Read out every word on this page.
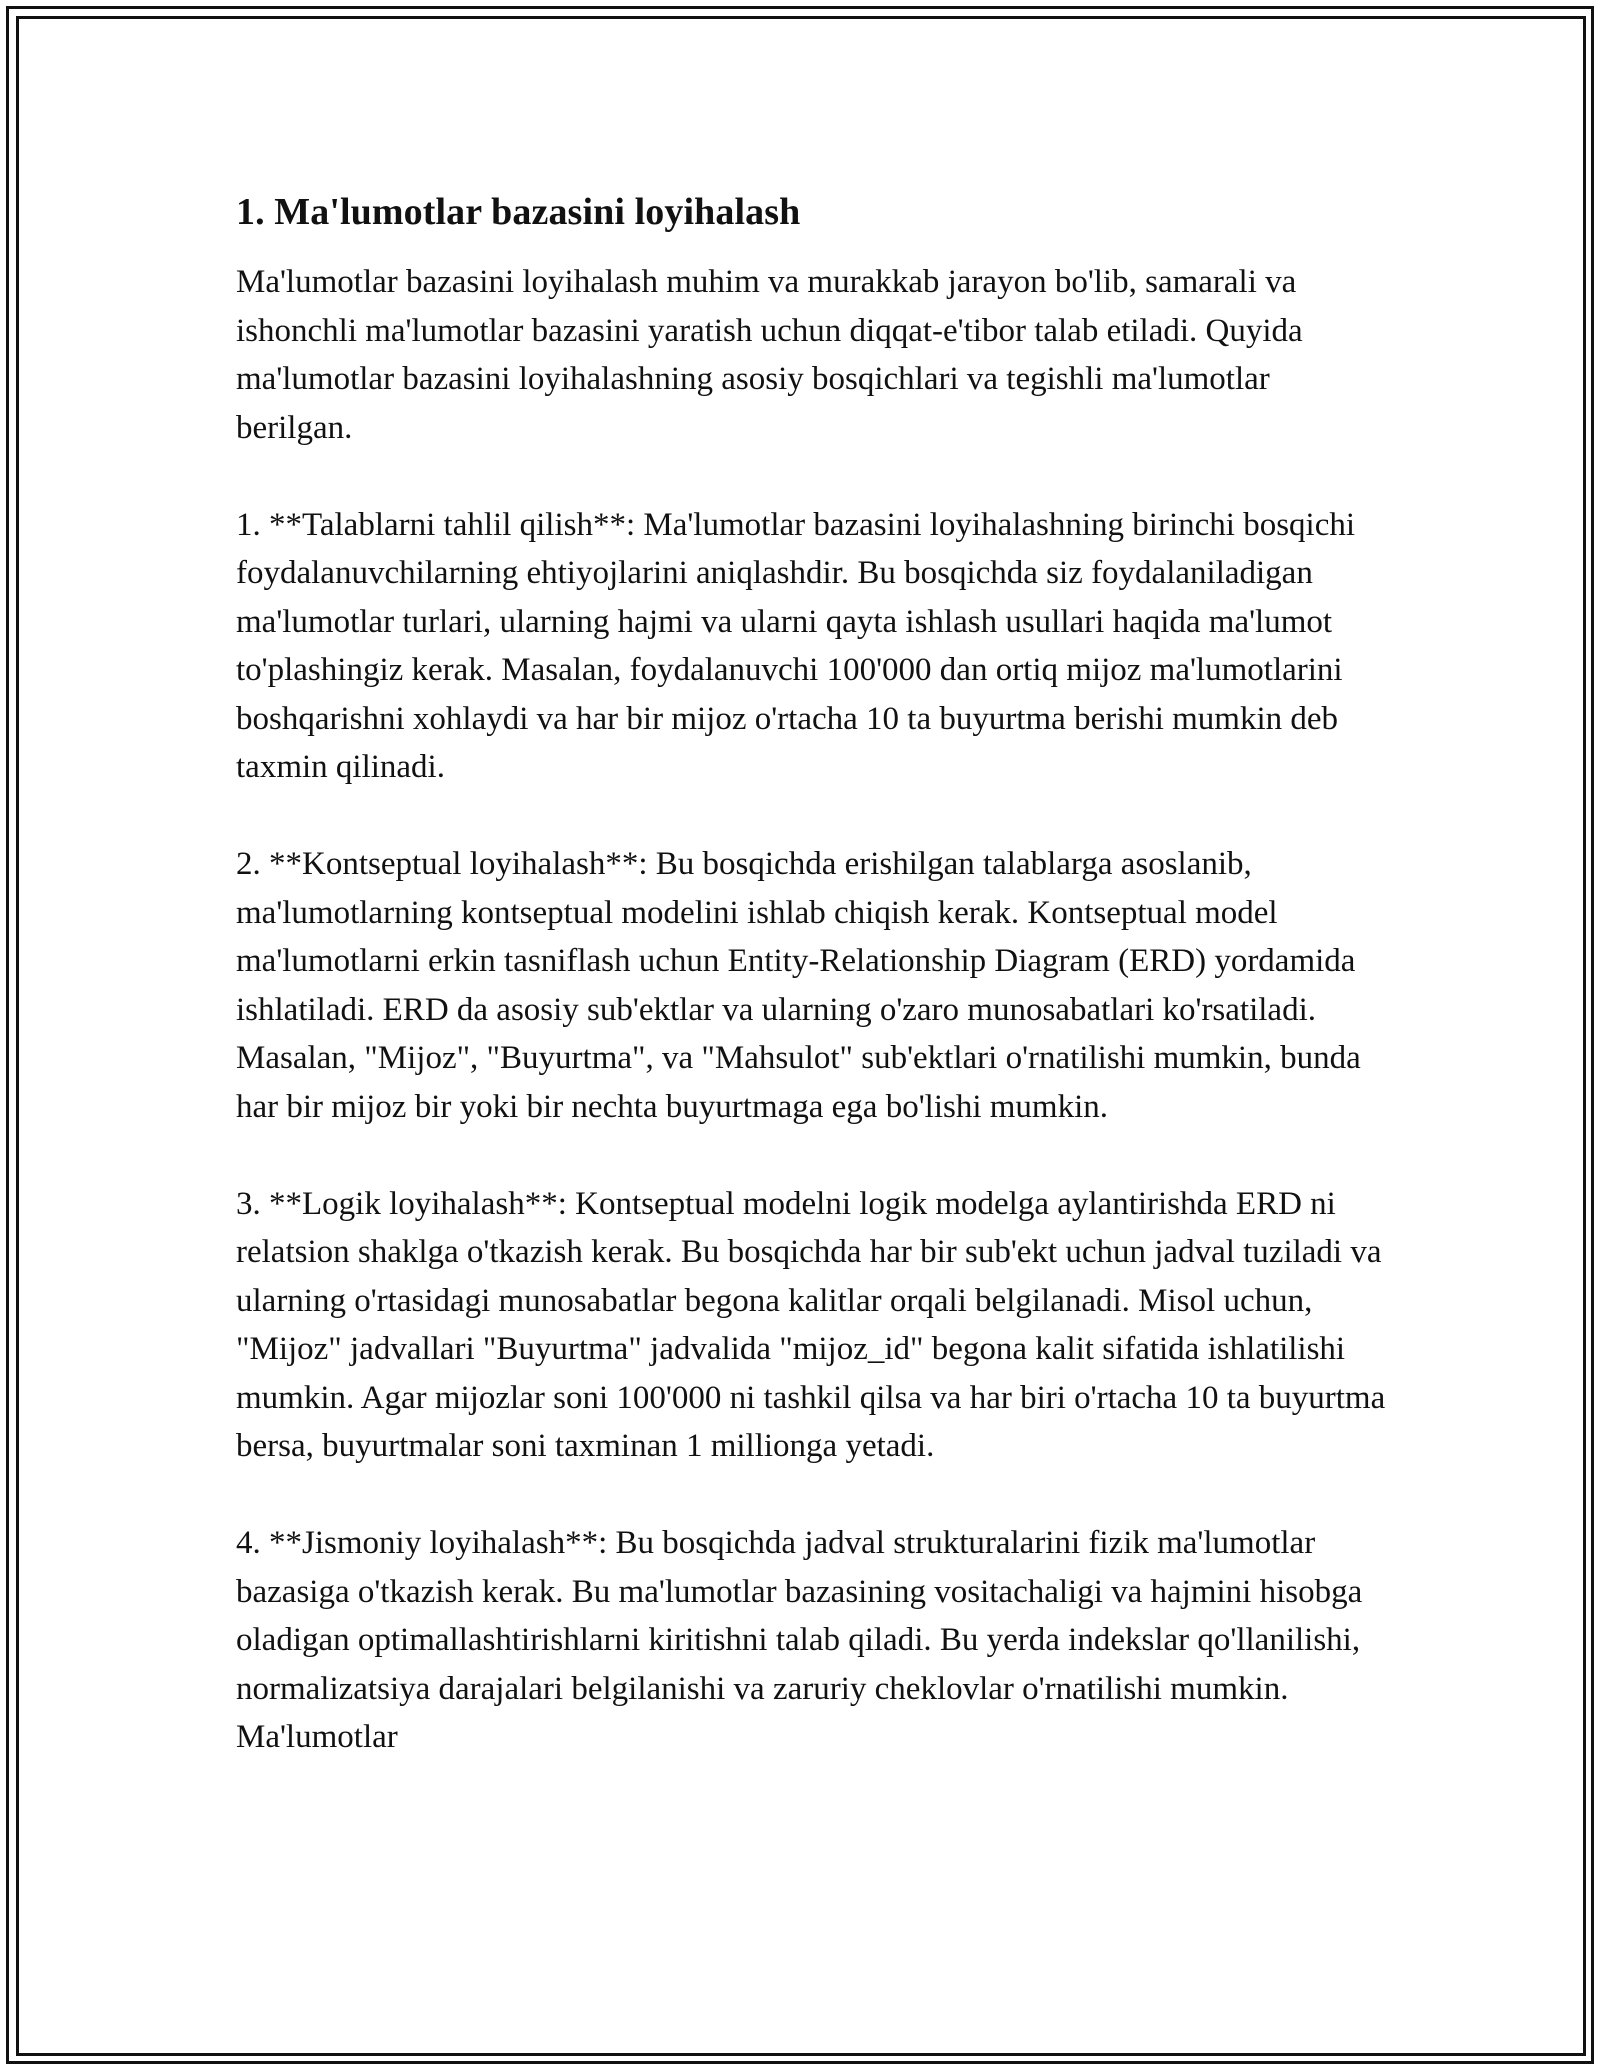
1. Ma'lumotlar bazasini loyihalash

Ma'lumotlar bazasini loyihalash muhim va murakkab jarayon bo'lib, samarali va ishonchli ma'lumotlar bazasini yaratish uchun diqqat-e'tibor talab etiladi. Quyida ma'lumotlar bazasini loyihalashning asosiy bosqichlari va tegishli ma'lumotlar berilgan.

1. **Talablarni tahlil qilish**: Ma'lumotlar bazasini loyihalashning birinchi bosqichi foydalanuvchilarning ehtiyojlarini aniqlashdir. Bu bosqichda siz foydalaniladigan ma'lumotlar turlari, ularning hajmi va ularni qayta ishlash usullari haqida ma'lumot to'plashingiz kerak. Masalan, foydalanuvchi 100'000 dan ortiq mijoz ma'lumotlarini boshqarishni xohlaydi va har bir mijoz o'rtacha 10 ta buyurtma berishi mumkin deb taxmin qilinadi.

2. **Kontseptual loyihalash**: Bu bosqichda erishilgan talablarga asoslanib, ma'lumotlarning kontseptual modelini ishlab chiqish kerak. Kontseptual model ma'lumotlarni erkin tasniflash uchun Entity-Relationship Diagram (ERD) yordamida ishlatiladi. ERD da asosiy sub'ektlar va ularning o'zaro munosabatlari ko'rsatiladi. Masalan, "Mijoz", "Buyurtma", va "Mahsulot" sub'ektlari o'rnatilishi mumkin, bunda har bir mijoz bir yoki bir nechta buyurtmaga ega bo'lishi mumkin.

3. **Logik loyihalash**: Kontseptual modelni logik modelga aylantirishda ERD ni relatsion shaklga o'tkazish kerak. Bu bosqichda har bir sub'ekt uchun jadval tuziladi va ularning o'rtasidagi munosabatlar begona kalitlar orqali belgilanadi. Misol uchun, "Mijoz" jadvallari "Buyurtma" jadvalida "mijoz_id" begona kalit sifatida ishlatilishi mumkin. Agar mijozlar soni 100'000 ni tashkil qilsa va har biri o'rtacha 10 ta buyurtma bersa, buyurtmalar soni taxminan 1 millionga yetadi.

4. **Jismoniy loyihalash**: Bu bosqichda jadval strukturalarini fizik ma'lumotlar bazasiga o'tkazish kerak. Bu ma'lumotlar bazasining vositachaligi va hajmini hisobga oladigan optimallashtirishlarni kiritishni talab qiladi. Bu yerda indekslar qo'llanilishi, normalizatsiya darajalari belgilanishi va zaruriy cheklovlar o'rnatilishi mumkin. Ma'lumotlar
